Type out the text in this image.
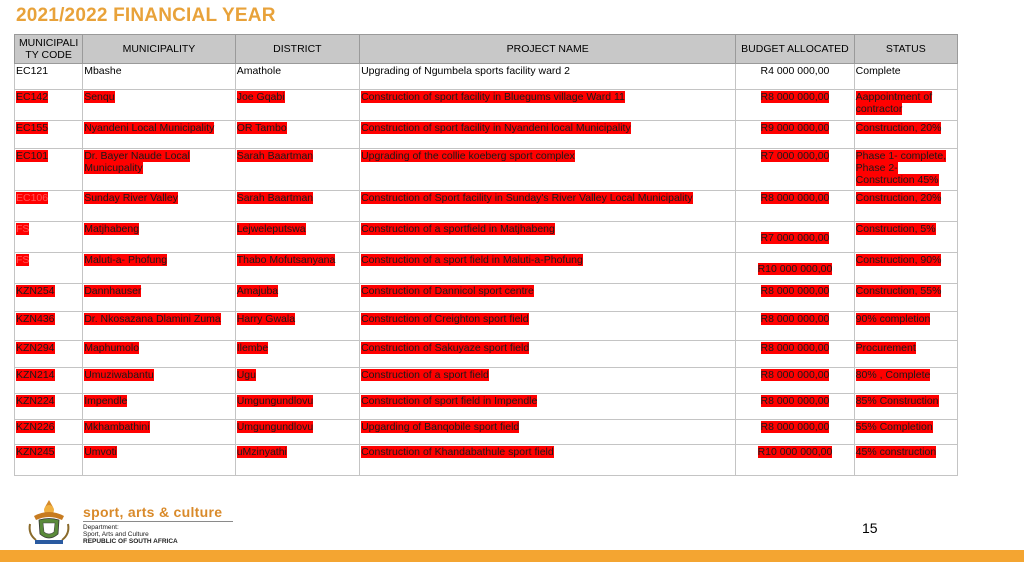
2021/2022 FINANCIAL YEAR
MUNICIPALI TY CODE	MUNICIPALITY	DISTRICT	PROJECT NAME	BUDGET ALLOCATED	STATUS
EC121	Mbashe	Amathole	Upgrading of Ngumbela sports facility ward 2	R4 000 000,00	Complete
EC142	Senqu	Joe Gqabi	Construction of sport facility in Bluegums village Ward 11	R8 000 000,00	Aappointment of contractor
EC155	Nyandeni Local Municipality	OR Tambo	Construction of sport facility in Nyandeni local Municipality	R9 000 000,00	Construction, 20%
EC101	Dr. Bayer Naude Local Municupality	Sarah Baartman	Upgrading of the collie koeberg sport complex	R7 000 000,00	Phase 1- complete, Phase 2- Construction 45%
EC106	Sunday River Valley	Sarah Baartman	Construction of Sport facility in Sunday's River Valley Local Municipality	R8 000 000,00	Construction, 20%
FS	Matjhabeng	Lejweleputswa	Construction of a sportfield in Matjhabeng	R7 000 000,00	Construction, 5%
FS	Maluti-a- Phofung	Thabo Mofutsanyana	Construction of a sport field in Maluti-a-Phofung	R10 000 000,00	Construction, 90%
KZN254	Dannhauser	Amajuba	Construction of Dannicol sport centre	R8 000 000,00	Construction, 55%
KZN436	Dr. Nkosazana Dlamini Zuma	Harry Gwala	Construction of Creighton sport field	R8 000 000,00	90% completion
KZN294	Maphumolo	Ilembe	Construction of Sakuyaze sport field	R8 000 000,00	Procurement
KZN214	Umuziwabantu	Ugu	Construction of a sport field	R8 000 000,00	80% , Complete
KZN224	Impendle	Umgungundlovu	Construction of sport field in Impendle	R8 000 000,00	85% Construction
KZN226	Mkhambathini	Umgungundlovu	Upgarding of Banqobile sport field	R8 000 000,00	55% Completion
KZN245	Umvoti	uMzinyathi	Construction of Khandabathule sport field	R10 000 000,00	45% construction
15
sport, arts & culture
Department:
Sport, Arts and Culture
REPUBLIC OF SOUTH AFRICA
